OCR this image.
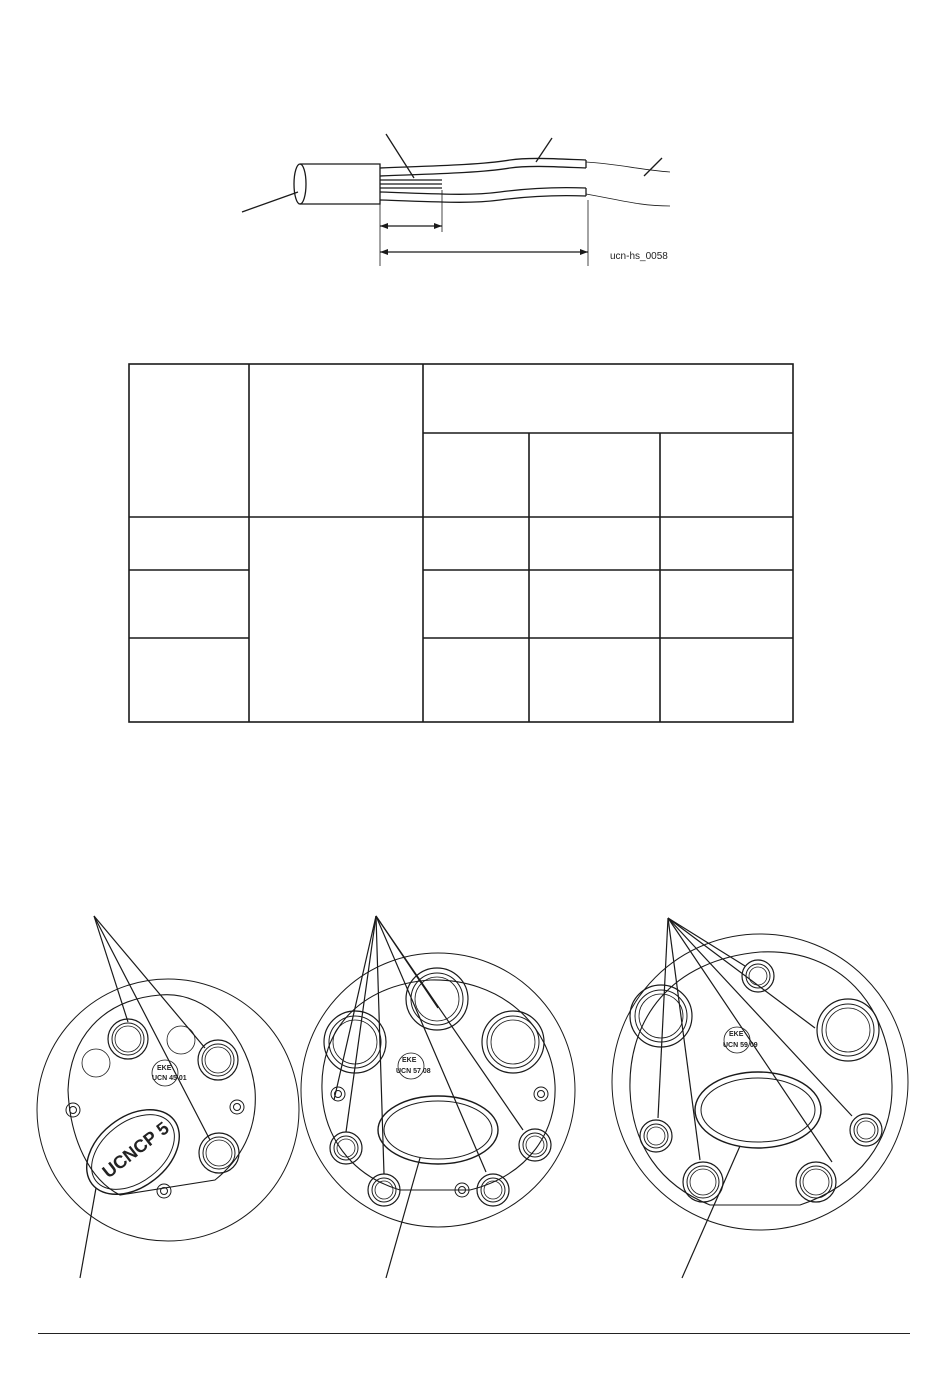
ucn-hs_0058
EKE
UCN 45 01
UCNCP 5
EKE
UCN 57 08
EKE
UCN 59 09
